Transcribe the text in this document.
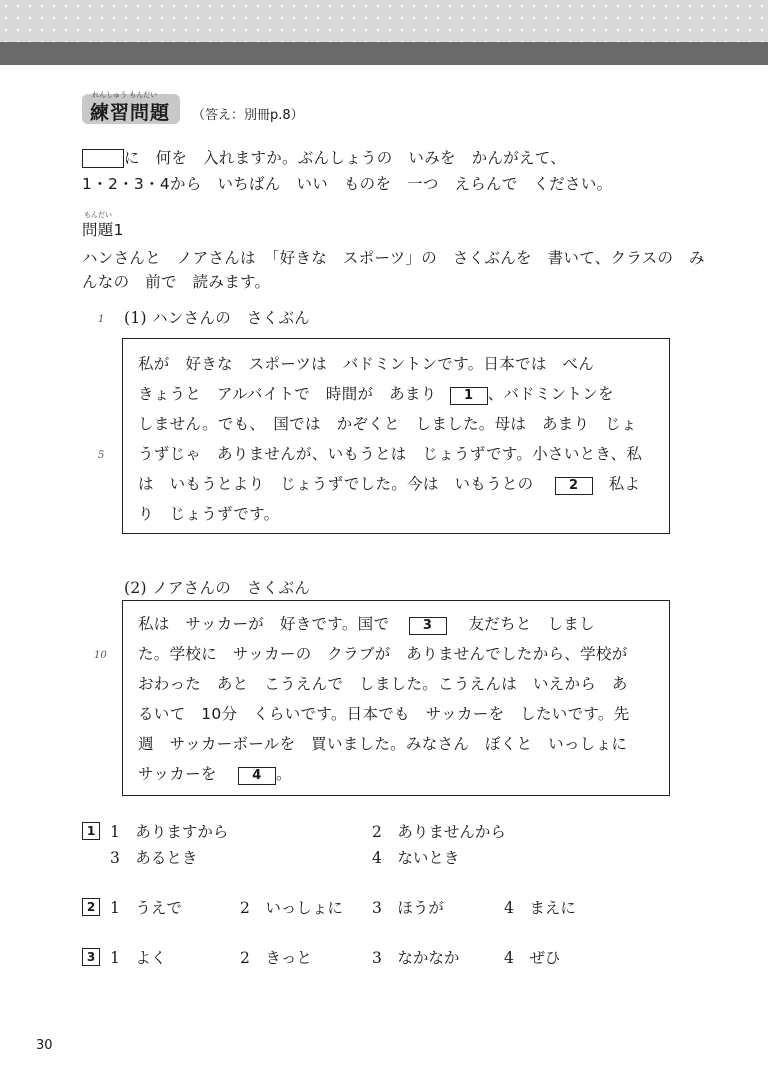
れんしゅう もんだい
練習問題 （答え：別冊p.8）
に　何を　入れますか。ぶんしょうの　いみを　かんがえて、
1・2・3・4から　いちばん　いい　ものを　一つ　えらんで　ください。
もんだい
問題1
ハンさんと　ノアさんは　「好きな　スポーツ」の　さくぶんを　書いて、クラスの　み
んなの　前で　読みます。
1 (1) ハンさんの　さくぶん
私が　好きな　スポーツは　バドミントンです。日本では　べん
きょうと　アルバイトで　時間が　あまり 1 、バドミントンを
しません。でも、　国では　かぞくと　しました。母は　あまり　じょ
5 うずじゃ　ありませんが、いもうとは　じょうずです。小さいとき、私
は　いもうとより　じょうずでした。今は　いもうとの	2 私よ
り　じょうずです。
(2) ノアさんの　さくぶん
私は　サッカーが　好きです。国で	3 友だちと　しまし
10 た。学校に　サッカーの　クラブが　ありませんでしたから、学校が
おわった　あと　こうえんで　しました。こうえんは　いえから　あ
るいて　10分　くらいです。日本でも　サッカーを　したいです。先
週　サッカーボールを　買いました。みなさん　ぼくと　いっしょに
サッカーを	4 。
1 1　ありますから	2　ありませんから
3　あるとき	4　ないとき
2 1　うえで	2　いっしょに 3　ほうが	4　まえに
3 1　よく	2　きっと	3　なかなか	4　ぜひ
30
